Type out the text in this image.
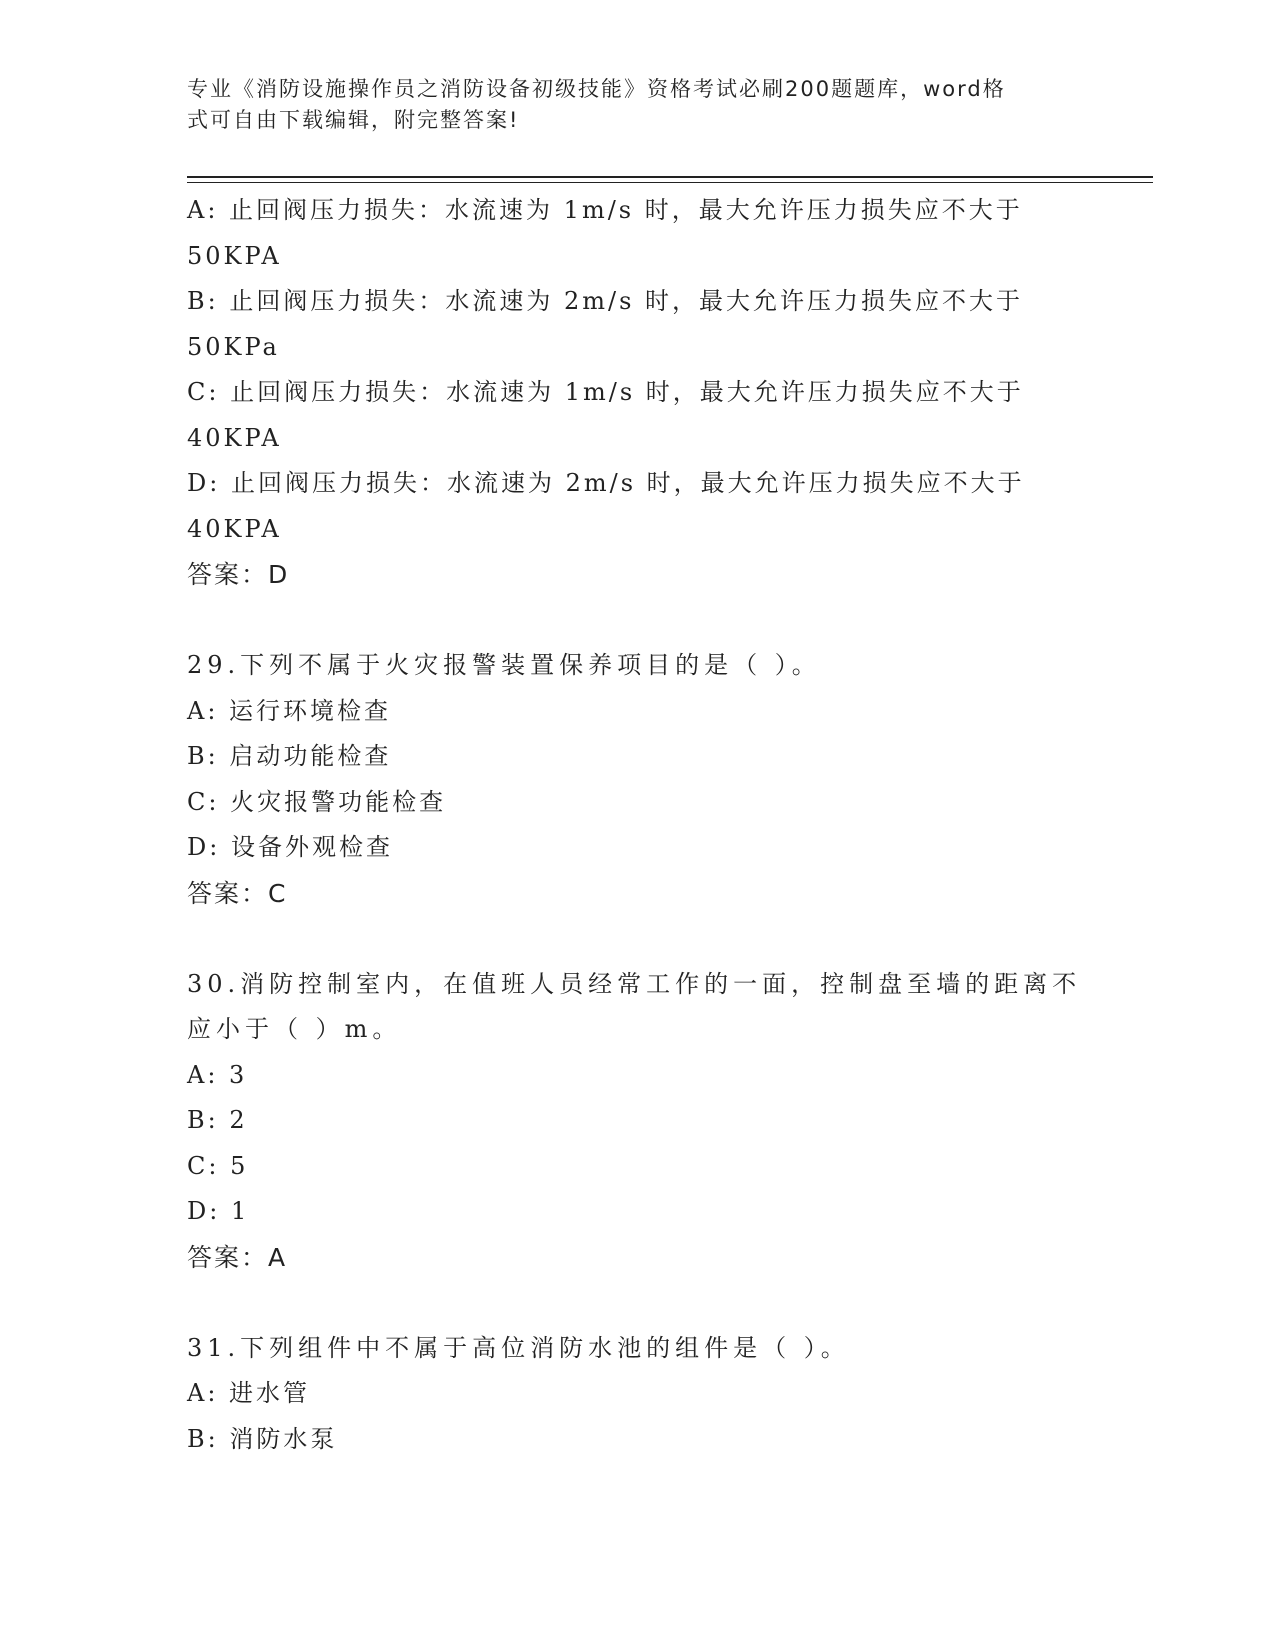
专业《消防设施操作员之消防设备初级技能》资格考试必刷200题题库，word格
式可自由下载编辑，附完整答案!
A: 止回阀压力损失：水流速为 1m/s 时，最大允许压力损失应不大于
50KPA
B: 止回阀压力损失：水流速为 2m/s 时，最大允许压力损失应不大于
50KPa
C: 止回阀压力损失：水流速为 1m/s 时，最大允许压力损失应不大于
40KPA
D: 止回阀压力损失：水流速为 2m/s 时，最大允许压力损失应不大于
40KPA
答案：D
29.下列不属于火灾报警装置保养项目的是（ ）。
A: 运行环境检查
B: 启动功能检查
C: 火灾报警功能检查
D: 设备外观检查
答案：C
30.消防控制室内，在值班人员经常工作的一面，控制盘至墙的距离不
应小于（ ）m。
A: 3
B: 2
C: 5
D: 1
答案：A
31.下列组件中不属于高位消防水池的组件是（ ）。
A: 进水管
B: 消防水泵
